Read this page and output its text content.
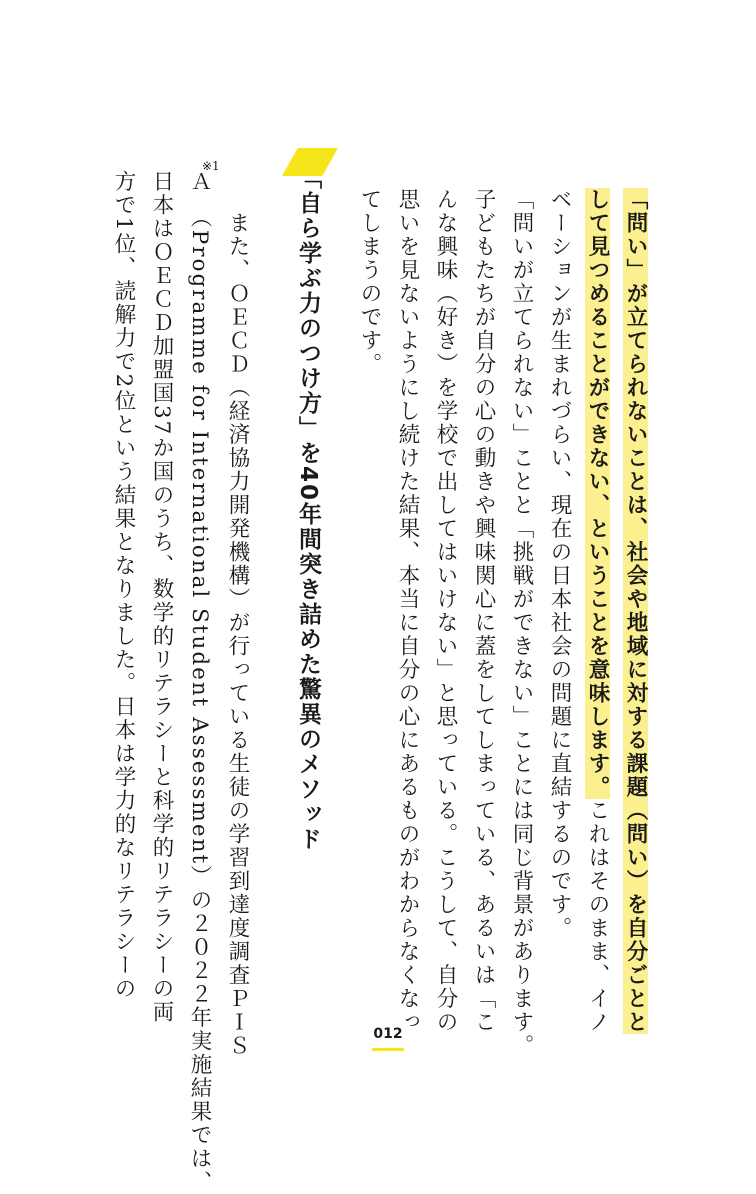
「問い」が立てられないことは、社会や地域に対する課題（問い）を自分ごとと
して見つめることができない、ということを意味します。これはそのまま、イノ
ベーションが生まれづらい、現在の日本社会の問題に直結するのです。
「問いが立てられない」ことと「挑戦ができない」ことには同じ背景があります。
子どもたちが自分の心の動きや興味関心に蓋をしてしまっている、あるいは「こ
んな興味（好き）を学校で出してはいけない」と思っている。こうして、自分の
思いを見ないようにし続けた結果、本当に自分の心にあるものがわからなくなっ
てしまうのです。
「自ら学ぶ力のつけ方」を40年間突き詰めた驚異のメソッド
　また、ＯＥＣＤ（経済協力開発機構）が行っている生徒の学習到達度調査ＰＩＳ
※1
Ａ　（Programme for International Student Assessment）の２０２２年実施結果では、
日本はＯＥＣＤ加盟国37か国のうち、数学的リテラシーと科学的リテラシーの両
方で1位、読解力で2位という結果となりました。日本は学力的なリテラシーの
012
